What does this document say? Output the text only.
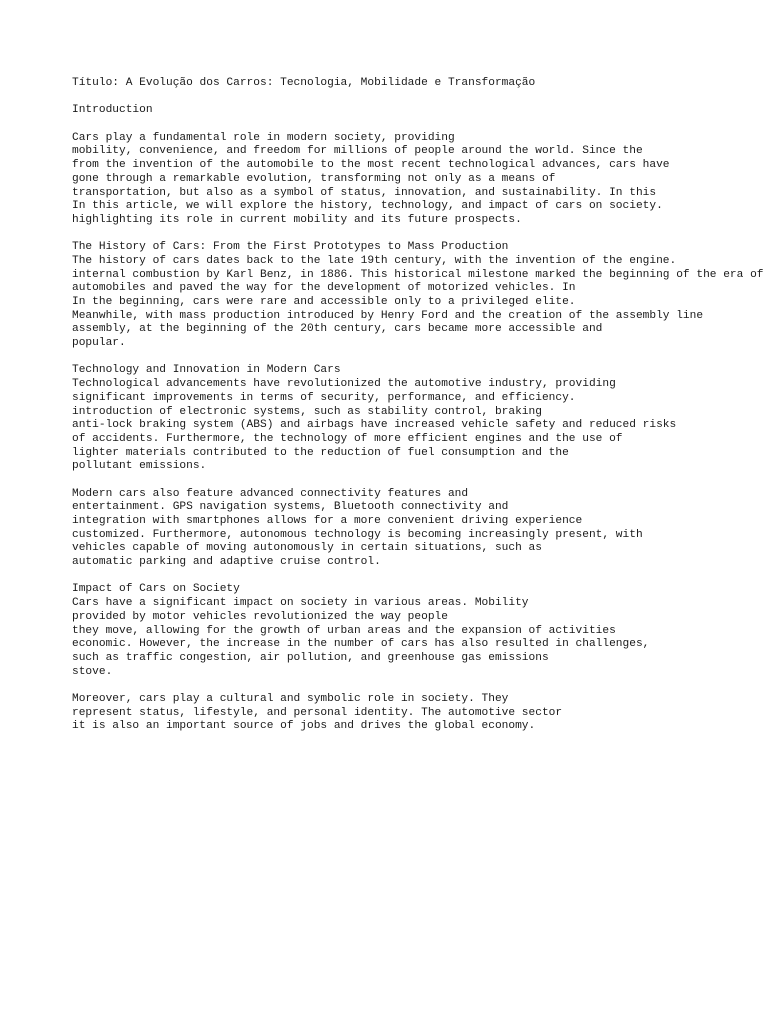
Título: A Evolução dos Carros: Tecnologia, Mobilidade e Transformação

Introduction

Cars play a fundamental role in modern society, providing
mobility, convenience, and freedom for millions of people around the world. Since the
from the invention of the automobile to the most recent technological advances, cars have
gone through a remarkable evolution, transforming not only as a means of
transportation, but also as a symbol of status, innovation, and sustainability. In this
In this article, we will explore the history, technology, and impact of cars on society.
highlighting its role in current mobility and its future prospects.

The History of Cars: From the First Prototypes to Mass Production
The history of cars dates back to the late 19th century, with the invention of the engine.
internal combustion by Karl Benz, in 1886. This historical milestone marked the beginning of the era of
automobiles and paved the way for the development of motorized vehicles. In
In the beginning, cars were rare and accessible only to a privileged elite.
Meanwhile, with mass production introduced by Henry Ford and the creation of the assembly line
assembly, at the beginning of the 20th century, cars became more accessible and
popular.

Technology and Innovation in Modern Cars
Technological advancements have revolutionized the automotive industry, providing
significant improvements in terms of security, performance, and efficiency.
introduction of electronic systems, such as stability control, braking
anti-lock braking system (ABS) and airbags have increased vehicle safety and reduced risks
of accidents. Furthermore, the technology of more efficient engines and the use of
lighter materials contributed to the reduction of fuel consumption and the
pollutant emissions.

Modern cars also feature advanced connectivity features and
entertainment. GPS navigation systems, Bluetooth connectivity and
integration with smartphones allows for a more convenient driving experience
customized. Furthermore, autonomous technology is becoming increasingly present, with
vehicles capable of moving autonomously in certain situations, such as
automatic parking and adaptive cruise control.

Impact of Cars on Society
Cars have a significant impact on society in various areas. Mobility
provided by motor vehicles revolutionized the way people
they move, allowing for the growth of urban areas and the expansion of activities
economic. However, the increase in the number of cars has also resulted in challenges,
such as traffic congestion, air pollution, and greenhouse gas emissions
stove.

Moreover, cars play a cultural and symbolic role in society. They
represent status, lifestyle, and personal identity. The automotive sector
it is also an important source of jobs and drives the global economy.
